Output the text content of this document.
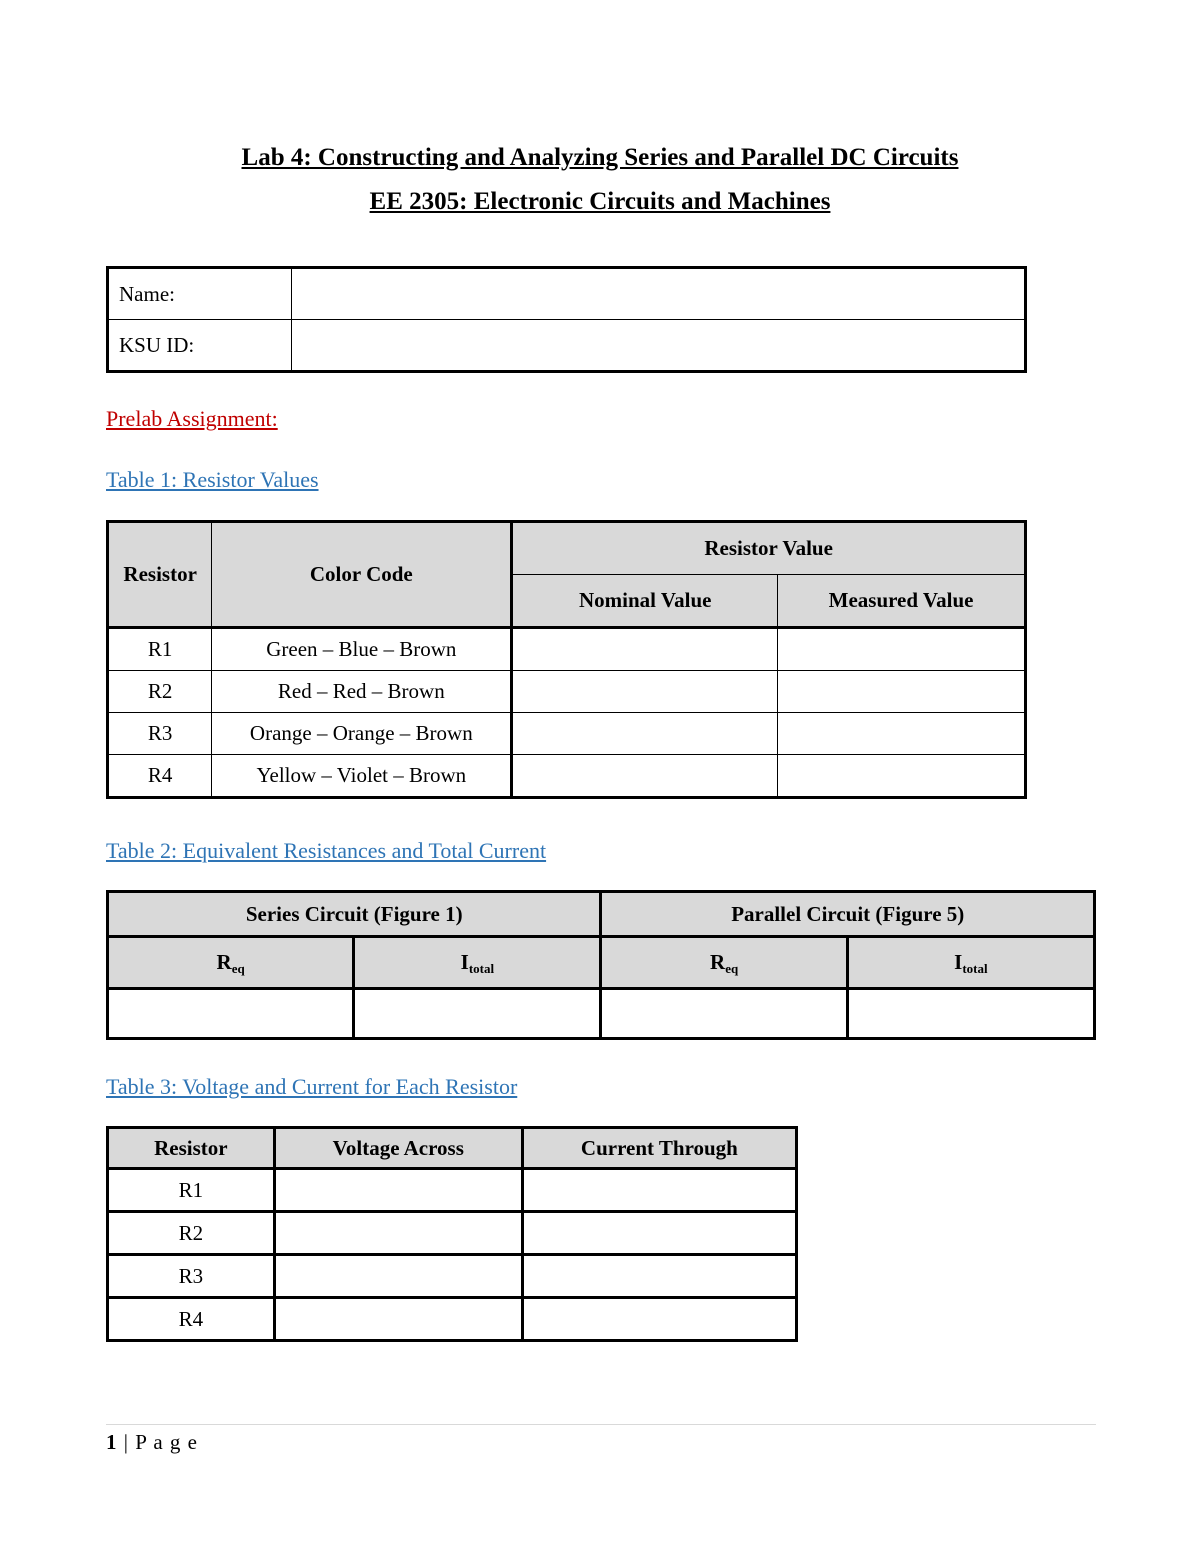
Lab 4: Constructing and Analyzing Series and Parallel DC Circuits
EE 2305: Electronic Circuits and Machines
Name:	
KSU ID:	
Prelab Assignment:
Table 1: Resistor Values
Resistor	Color Code	Resistor Value	
		Nominal Value	Measured Value
R1	Green – Blue – Brown		
R2	Red – Red – Brown		
R3	Orange – Orange – Brown		
R4	Yellow – Violet – Brown		
Table 2: Equivalent Resistances and Total Current
Series Circuit (Figure 1)		Parallel Circuit (Figure 5)	
$R_{eq}$	$I_{total}$	$R_{eq}$	$I_{total}$

Table 3: Voltage and Current for Each Resistor
Resistor	Voltage Across	Current Through
R1		
R2		
R3		
R4		
1 | P a g e
